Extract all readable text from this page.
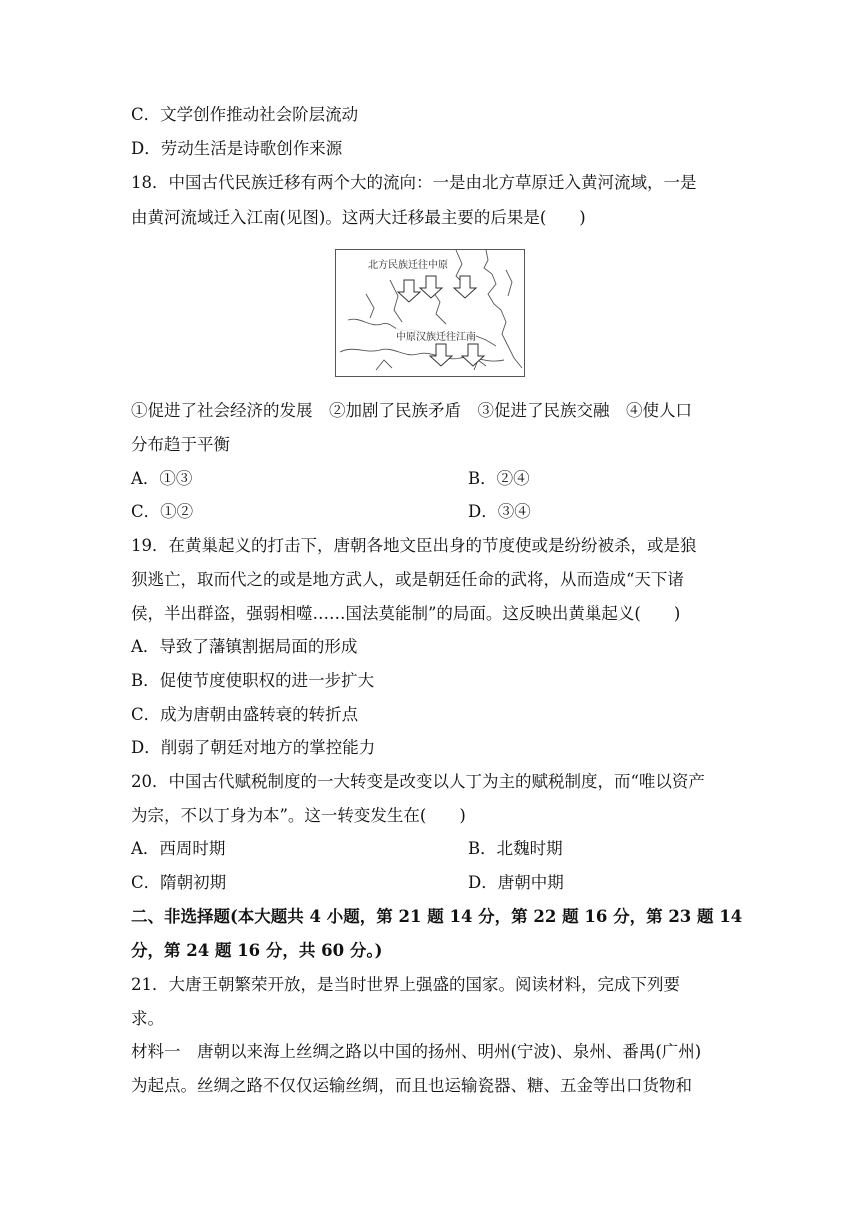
C．文学创作推动社会阶层流动
D．劳动生活是诗歌创作来源
18．中国古代民族迁移有两个大的流向：一是由北方草原迁入黄河流域，一是
由黄河流域迁入江南(见图)。这两大迁移最主要的后果是(　　)
北方民族迁往中原
中原汉族迁往江南
①促进了社会经济的发展　②加剧了民族矛盾　③促进了民族交融　④使人口
分布趋于平衡
A．①③	B．②④
C．①②	D．③④
19．在黄巢起义的打击下，唐朝各地文臣出身的节度使或是纷纷被杀，或是狼
狈逃亡，取而代之的或是地方武人，或是朝廷任命的武将，从而造成“天下诸
侯，半出群盗，强弱相噬……国法莫能制”的局面。这反映出黄巢起义(　　)
A．导致了藩镇割据局面的形成
B．促使节度使职权的进一步扩大
C．成为唐朝由盛转衰的转折点
D．削弱了朝廷对地方的掌控能力
20．中国古代赋税制度的一大转变是改变以人丁为主的赋税制度，而“唯以资产
为宗，不以丁身为本”。这一转变发生在(　　)
A．西周时期	B．北魏时期
C．隋朝初期	D．唐朝中期
二、非选择题(本大题共 4 小题，第 21 题 14 分，第 22 题 16 分，第 23 题 14
分，第 24 题 16 分，共 60 分。)
21．大唐王朝繁荣开放，是当时世界上强盛的国家。阅读材料，完成下列要
求。
材料一　唐朝以来海上丝绸之路以中国的扬州、明州(宁波)、泉州、番禺(广州)
为起点。丝绸之路不仅仅运输丝绸，而且也运输瓷器、糖、五金等出口货物和
